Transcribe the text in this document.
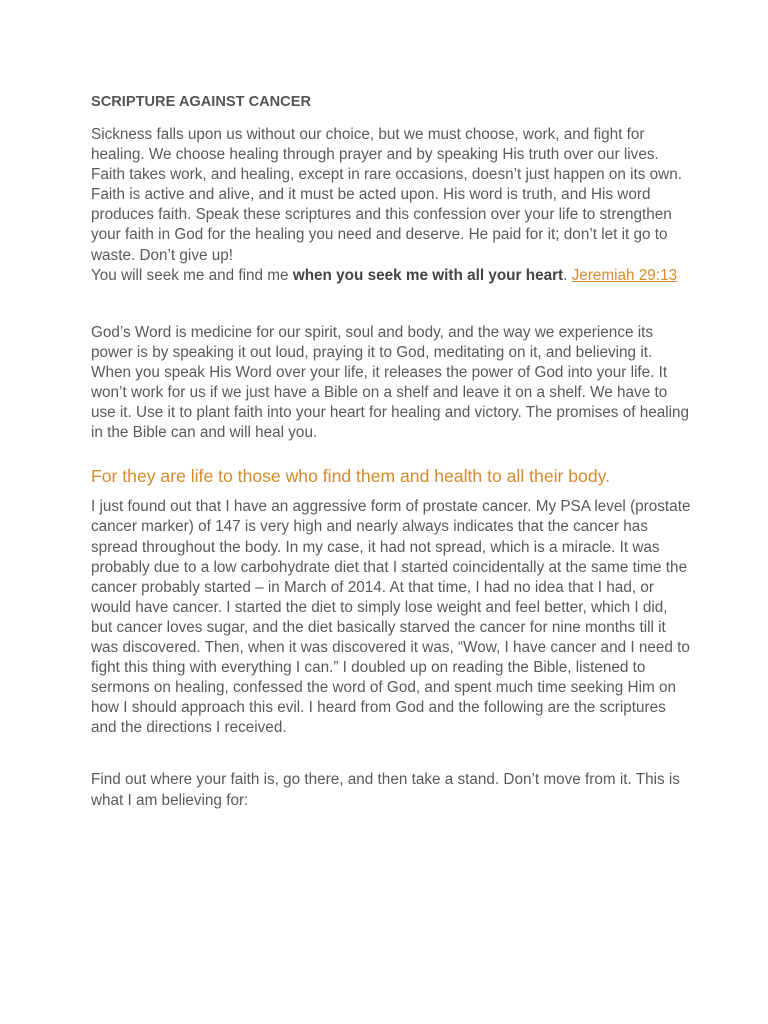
SCRIPTURE AGAINST CANCER

Sickness falls upon us without our choice, but we must choose, work, and fight for healing. We choose healing through prayer and by speaking His truth over our lives. Faith takes work, and healing, except in rare occasions, doesn’t just happen on its own. Faith is active and alive, and it must be acted upon. His word is truth, and His word produces faith. Speak these scriptures and this confession over your life to strengthen your faith in God for the healing you need and deserve. He paid for it; don’t let it go to waste. Don’t give up!

You will seek me and find me when you seek me with all your heart. Jeremiah 29:13

God’s Word is medicine for our spirit, soul and body, and the way we experience its power is by speaking it out loud, praying it to God, meditating on it, and believing it. When you speak His Word over your life, it releases the power of God into your life. It won’t work for us if we just have a Bible on a shelf and leave it on a shelf. We have to use it. Use it to plant faith into your heart for healing and victory. The promises of healing in the Bible can and will heal you.

For they are life to those who find them and health to all their body.

I just found out that I have an aggressive form of prostate cancer. My PSA level (prostate cancer marker) of 147 is very high and nearly always indicates that the cancer has spread throughout the body. In my case, it had not spread, which is a miracle. It was probably due to a low carbohydrate diet that I started coincidentally at the same time the cancer probably started – in March of 2014. At that time, I had no idea that I had, or would have cancer. I started the diet to simply lose weight and feel better, which I did, but cancer loves sugar, and the diet basically starved the cancer for nine months till it was discovered. Then, when it was discovered it was, “Wow, I have cancer and I need to fight this thing with everything I can.” I doubled up on reading the Bible, listened to sermons on healing, confessed the word of God, and spent much time seeking Him on how I should approach this evil. I heard from God and the following are the scriptures and the directions I received.

Find out where your faith is, go there, and then take a stand. Don’t move from it. This is what I am believing for:
